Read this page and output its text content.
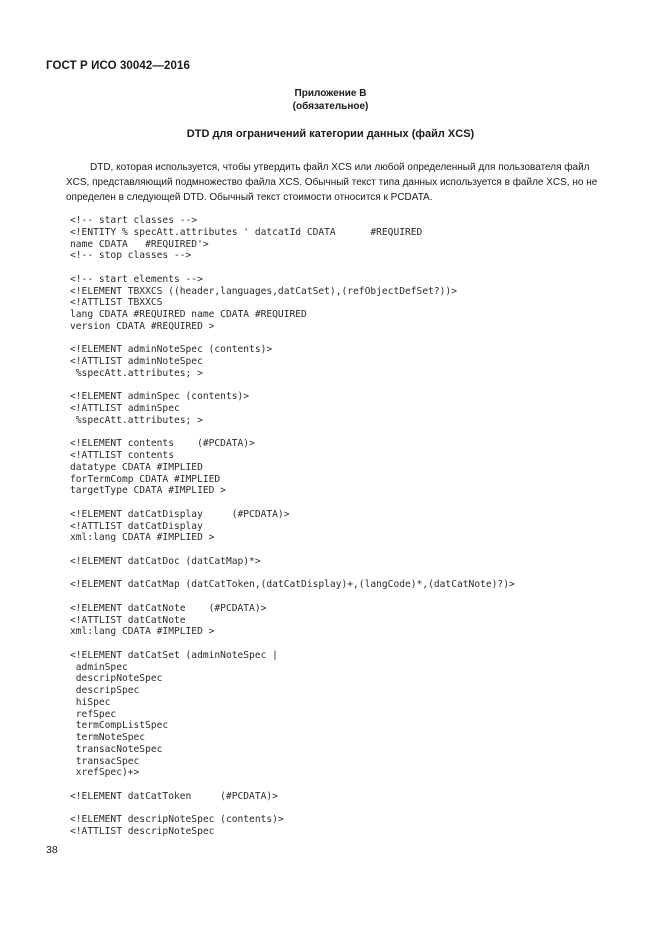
ГОСТ Р ИСО 30042—2016
Приложение В
(обязательное)
DTD для ограничений категории данных (файл XCS)
DTD, которая используется, чтобы утвердить файл XCS или любой определенный для пользователя файл
XCS, представляющий подмножество файла XCS. Обычный текст типа данных используется в файле XCS, но не
определен в следующей DTD. Обычный текст стоимости относится к PCDATA.
<!-- start classes -->
<!ENTITY % specAtt.attributes ' datcatId CDATA      #REQUIRED
name CDATA   #REQUIRED'>
<!-- stop classes -->
<!-- start elements -->
<!ELEMENT TBXXCS ((header,languages,datCatSet),(refObjectDefSet?))>
<!ATTLIST TBXXCS
lang CDATA #REQUIRED name CDATA #REQUIRED
version CDATA #REQUIRED >
<!ELEMENT adminNoteSpec (contents)>
<!ATTLIST adminNoteSpec
%specAtt.attributes; >
<!ELEMENT adminSpec (contents)>
<!ATTLIST adminSpec
%specAtt.attributes; >
<!ELEMENT contents    (#PCDATA)>
<!ATTLIST contents
datatype CDATA #IMPLIED
forTermComp CDATA #IMPLIED
targetType CDATA #IMPLIED >
<!ELEMENT datCatDisplay     (#PCDATA)>
<!ATTLIST datCatDisplay
xml:lang CDATA #IMPLIED >
<!ELEMENT datCatDoc (datCatMap)*>
<!ELEMENT datCatMap (datCatToken,(datCatDisplay)+,(langCode)*,(datCatNote)?)>
<!ELEMENT datCatNote    (#PCDATA)>
<!ATTLIST datCatNote
xml:lang CDATA #IMPLIED >
<!ELEMENT datCatSet (adminNoteSpec |
adminSpec
descripNoteSpec
descripSpec
hiSpec
refSpec
termCompListSpec
termNoteSpec
transacNoteSpec
transacSpec
xrefSpec)+>
<!ELEMENT datCatToken     (#PCDATA)>
<!ELEMENT descripNoteSpec (contents)>
<!ATTLIST descripNoteSpec
38
